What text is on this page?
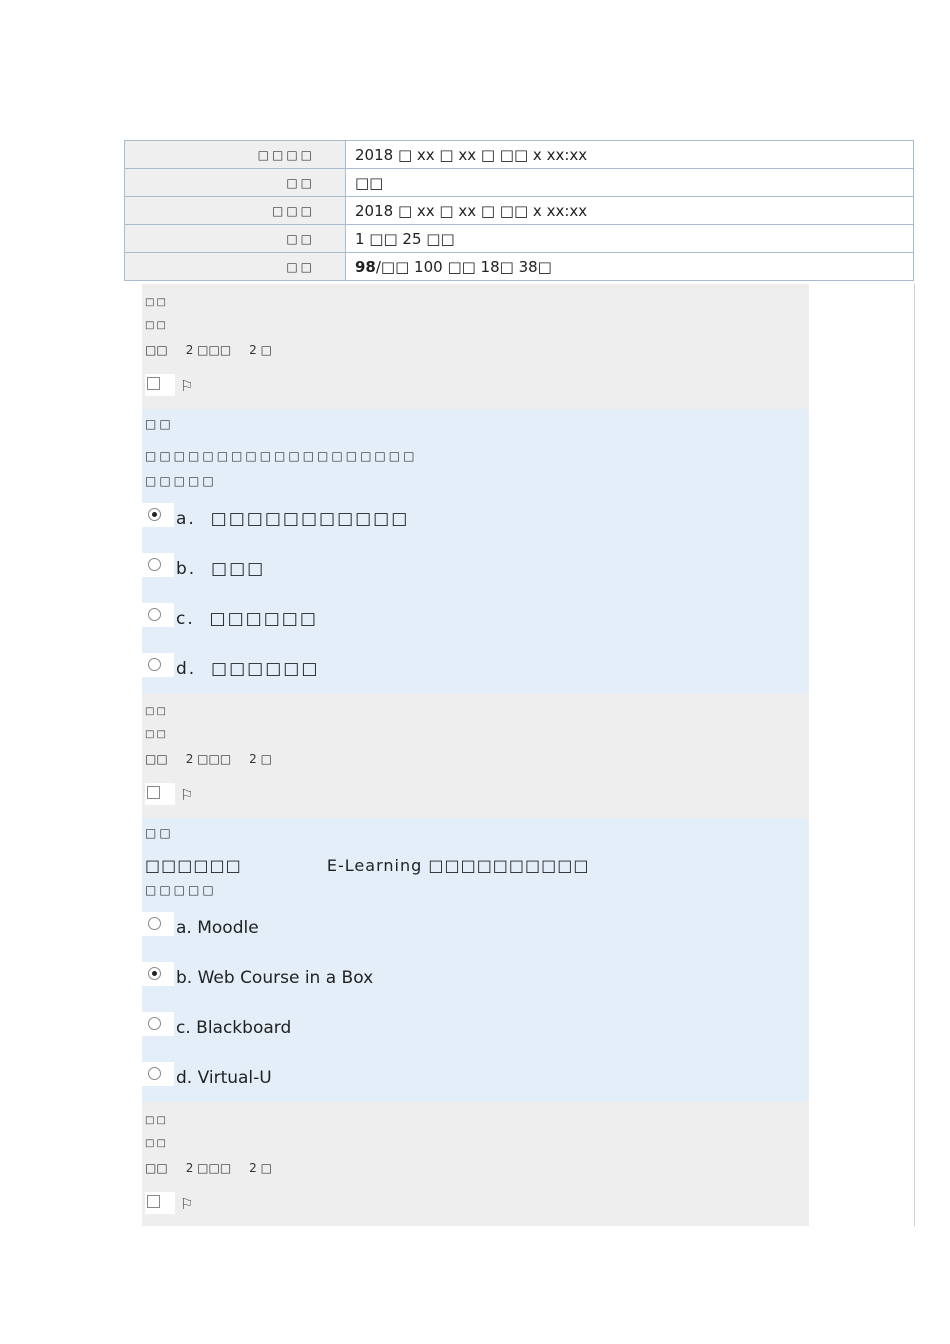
□□□□	2018 □ xx □ xx □ □□ x xx:xx
□□	□□
□□□	2018 □ xx □ xx □ □□ x xx:xx
□□	1 □□ 25 □□
□□	98/□□ 100 □□ 18□ 38□
□□
□□
□□ 2 □□□ 2 □
⚐
□□
□□□□□□□□□□□□□□□□□□□
□□□□□
a.  □□□□□□□□□□□
b.  □□□
c.  □□□□□□
d.  □□□□□□
□□
□□
□□ 2 □□□ 2 □
⚐
□□
□□□□□□              E-Learning □□□□□□□□□□
□□□□□
a. Moodle
b. Web Course in a Box
c. Blackboard
d. Virtual-U
□□
□□
□□ 2 □□□ 2 □
⚐
